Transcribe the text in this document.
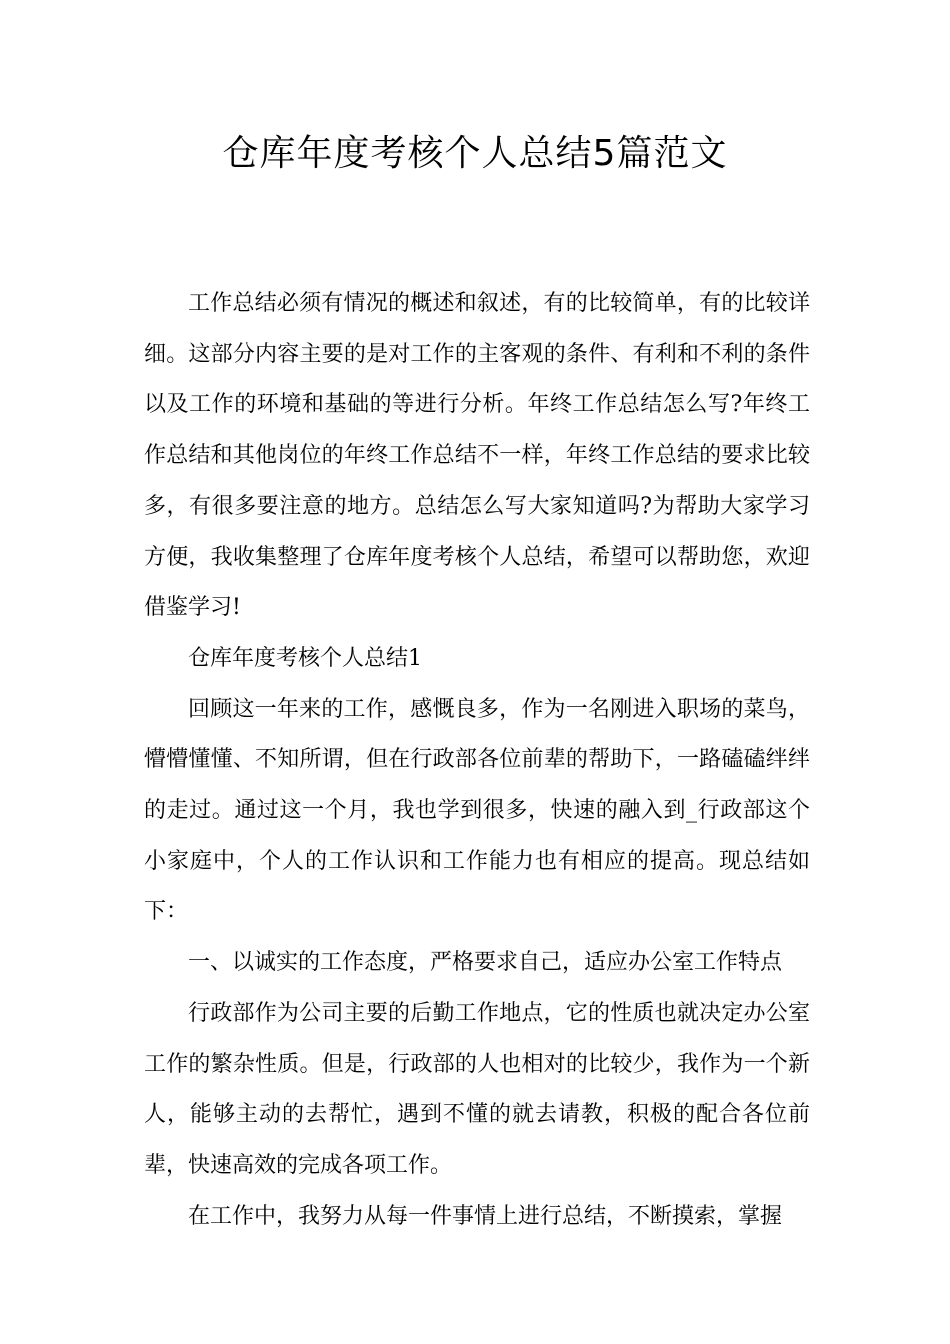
仓库年度考核个人总结5篇范文

工作总结必须有情况的概述和叙述，有的比较简单，有的比较详细。这部分内容主要的是对工作的主客观的条件、有利和不利的条件以及工作的环境和基础的等进行分析。年终工作总结怎么写?年终工作总结和其他岗位的年终工作总结不一样，年终工作总结的要求比较多，有很多要注意的地方。总结怎么写大家知道吗?为帮助大家学习方便，我收集整理了仓库年度考核个人总结，希望可以帮助您，欢迎借鉴学习!

仓库年度考核个人总结1

回顾这一年来的工作，感慨良多，作为一名刚进入职场的菜鸟，懵懵懂懂、不知所谓，但在行政部各位前辈的帮助下，一路磕磕绊绊的走过。通过这一个月，我也学到很多，快速的融入到_行政部这个小家庭中，个人的工作认识和工作能力也有相应的提高。现总结如下：

一、以诚实的工作态度，严格要求自己，适应办公室工作特点

行政部作为公司主要的后勤工作地点，它的性质也就决定办公室工作的繁杂性质。但是，行政部的人也相对的比较少，我作为一个新人，能够主动的去帮忙，遇到不懂的就去请教，积极的配合各位前辈，快速高效的完成各项工作。

在工作中，我努力从每一件事情上进行总结，不断摸索，掌握
